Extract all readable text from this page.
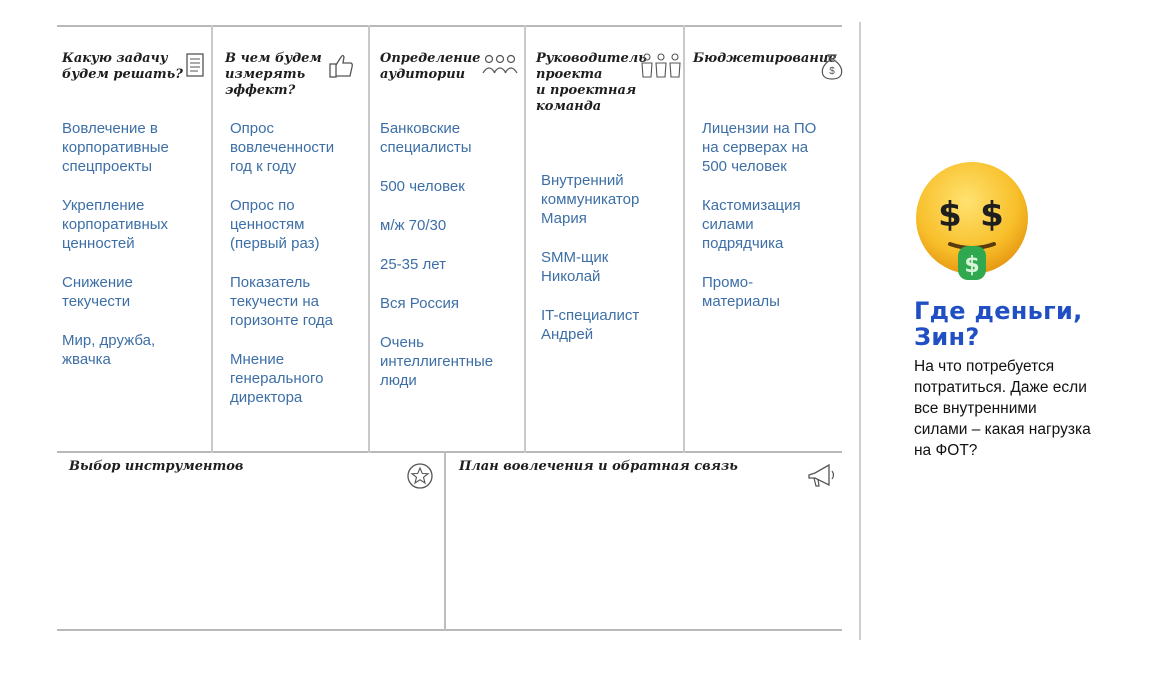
Какую задачу
будем решать?
Вовлечение в
корпоративные
спецпроекты
Укрепление
корпоративных
ценностей
Снижение
текучести
Мир, дружба,
жвачка
В чем будем
измерять
эффект?
Опрос
вовлеченности
год к году
Опрос по
ценностям
(первый раз)
Показатель
текучести на
горизонте года
Мнение
генерального
директора
Определение
аудитории
Банковские
специалисты
500 человек
м/ж 70/30
25-35 лет
Вся Россия
Очень
интеллигентные
люди
Руководитель
проекта
и проектная
команда
Внутренний
коммуникатор
Мария
SMM-щик
Николай
IT-специалист
Андрей
Бюджетирование
$
Лицензии на ПО
на серверах на
500 человек
Кастомизация
силами
подрядчика
Промо-
материалы
Выбор инструментов	План вовлечения и обратная связь
$ $
$
Где деньги,
Зин?
На что потребуется
потратиться. Даже если
все внутренними
силами – какая нагрузка
на ФОТ?
